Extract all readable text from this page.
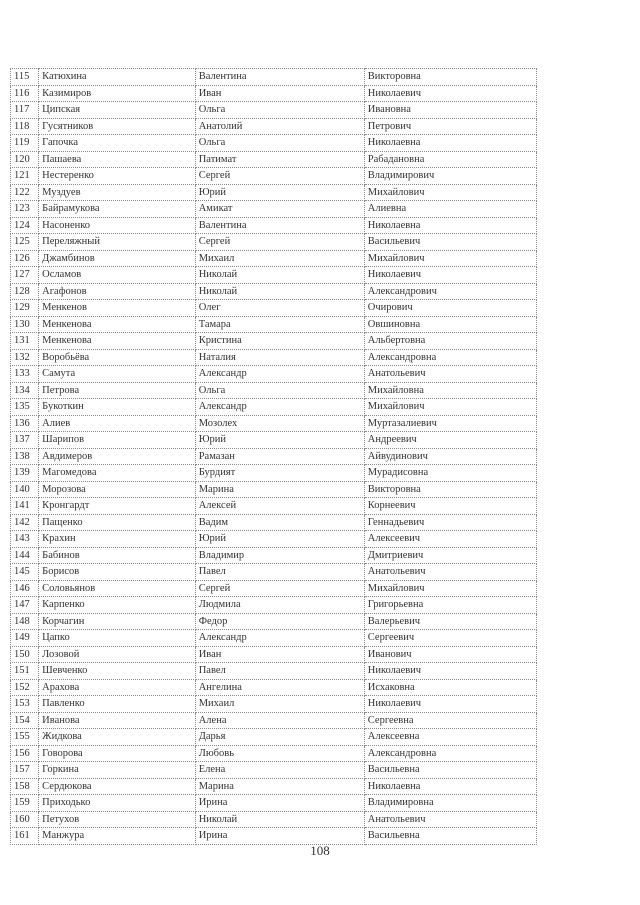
115	Катюхина	Валентина	Викторовна
116	Казимиров	Иван	Николаевич
117	Ципская	Ольга	Ивановна
118	Гусятников	Анатолий	Петрович
119	Гапочка	Ольга	Николаевна
120	Пашаева	Патимат	Рабадановна
121	Нестеренко	Сергей	Владимирович
122	Муздуев	Юрий	Михайлович
123	Байрамукова	Амикат	Алиевна
124	Насоненко	Валентина	Николаевна
125	Переляжный	Сергей	Васильевич
126	Джамбинов	Михаил	Михайлович
127	Осламов	Николай	Николаевич
128	Агафонов	Николай	Александрович
129	Менкенов	Олег	Очирович
130	Менкенова	Тамара	Овшиновна
131	Менкенова	Кристина	Альбертовна
132	Воробьёва	Наталия	Александровна
133	Самута	Александр	Анатольевич
134	Петрова	Ольга	Михайловна
135	Букоткин	Александр	Михайлович
136	Алиев	Мозолех	Муртазалиевич
137	Шарипов	Юрий	Андреевич
138	Авдимеров	Рамазан	Айвудинович
139	Магомедова	Бурдият	Мурадисовна
140	Морозова	Марина	Викторовна
141	Кронгардт	Алексей	Корнеевич
142	Пащенко	Вадим	Геннадьевич
143	Крахин	Юрий	Алексеевич
144	Бабинов	Владимир	Дмитриевич
145	Борисов	Павел	Анатольевич
146	Соловьянов	Сергей	Михайлович
147	Карпенко	Людмила	Григорьевна
148	Корчагин	Федор	Валерьевич
149	Цапко	Александр	Сергеевич
150	Лозовой	Иван	Иванович
151	Шевченко	Павел	Николаевич
152	Арахова	Ангелина	Исхаковна
153	Павленко	Михаил	Николаевич
154	Иванова	Алена	Сергеевна
155	Жидкова	Дарья	Алексеевна
156	Говорова	Любовь	Александровна
157	Горкина	Елена	Васильевна
158	Сердюкова	Марина	Николаевна
159	Приходько	Ирина	Владимировна
160	Петухов	Николай	Анатольевич
161	Манжура	Ирина	Васильевна
108
